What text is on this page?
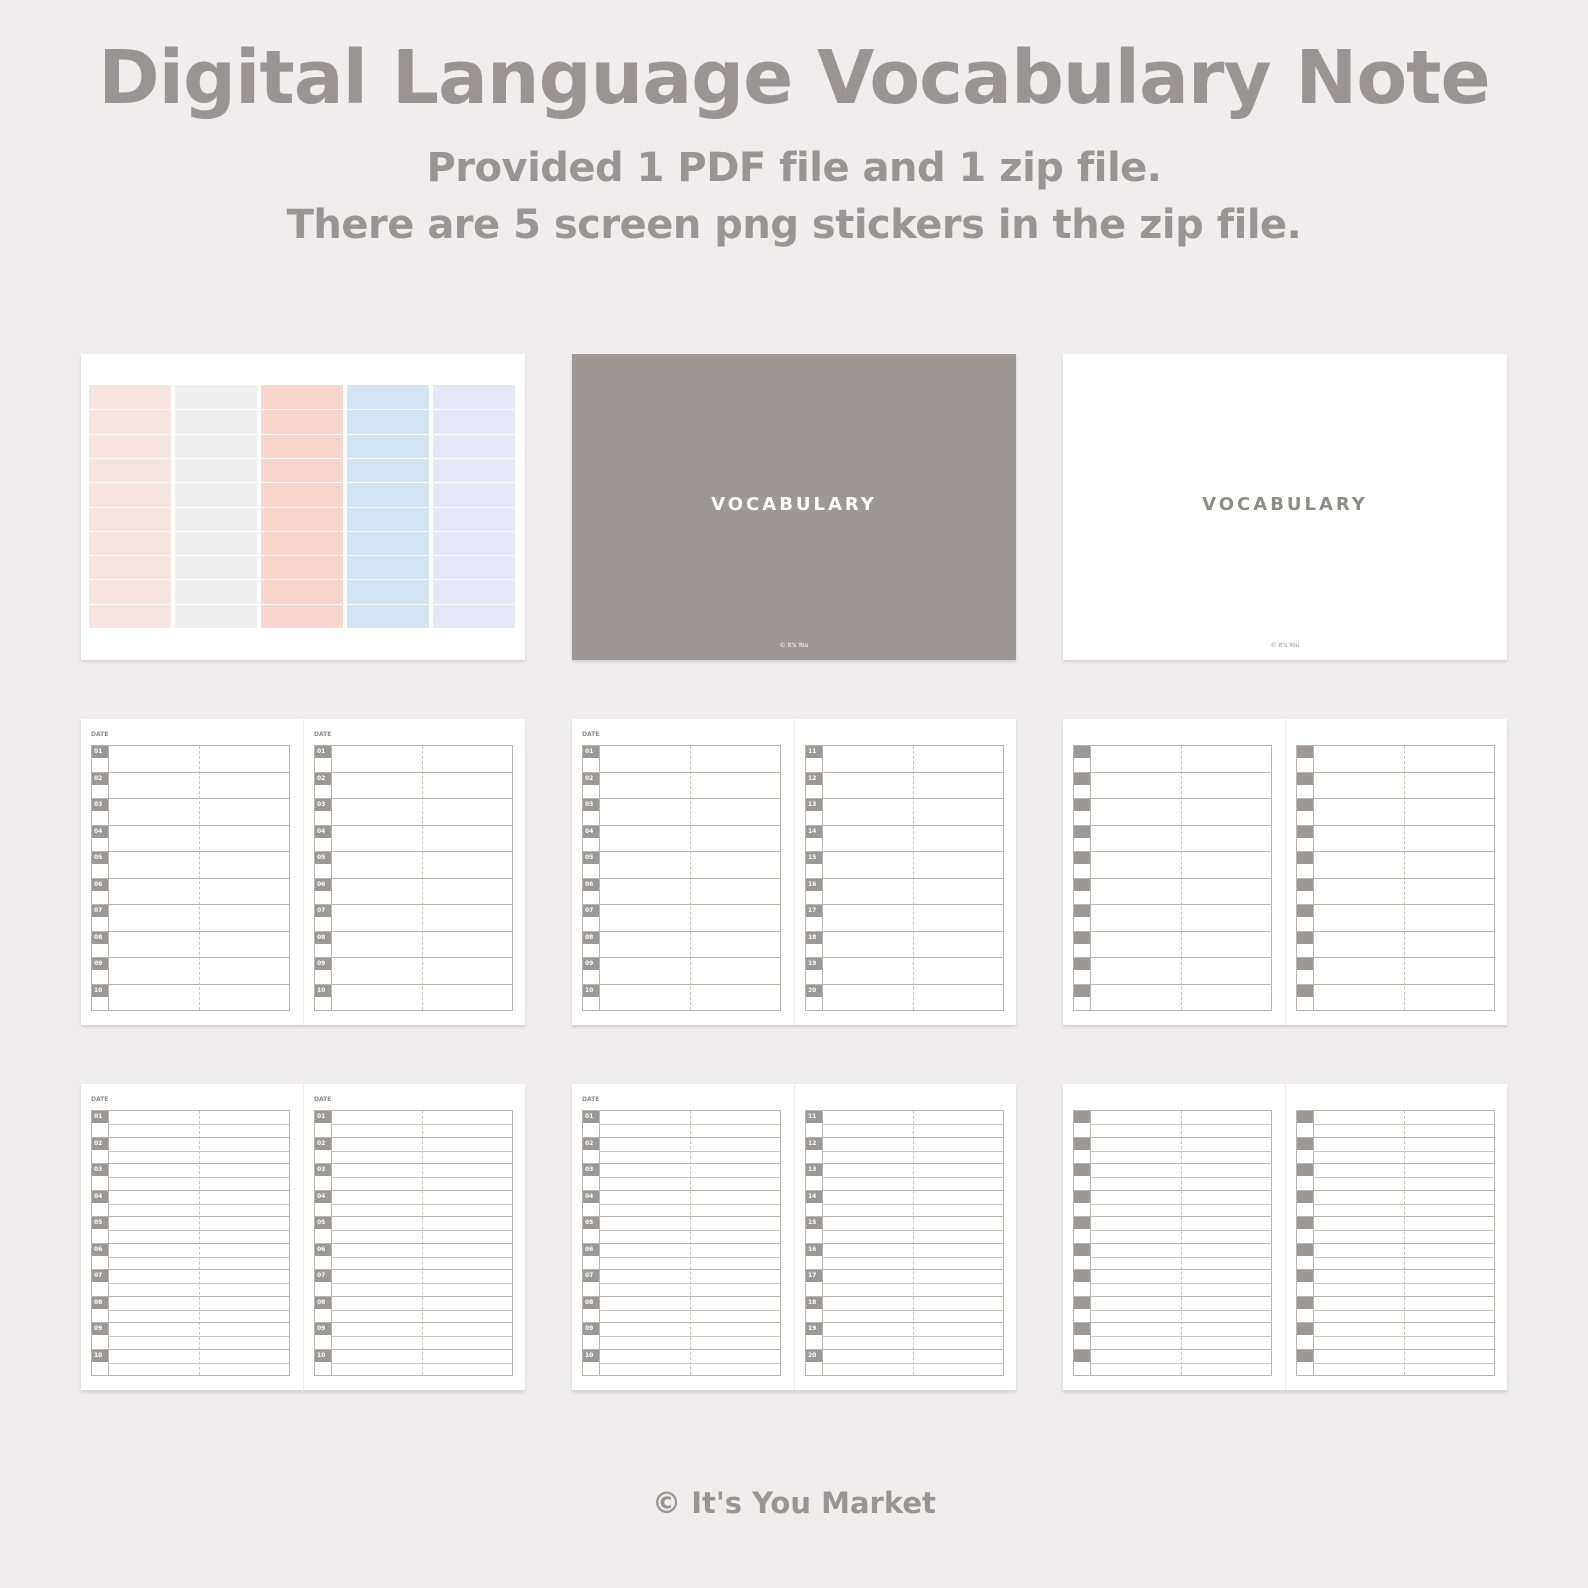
Digital Language Vocabulary Note
Provided 1 PDF file and 1 zip file.
There are 5 screen png stickers in the zip file.
VOCABULARY
© It's You
VOCABULARY
© It's You
DATE
01
02
03
04
05
06
07
08
09
10
DATE
01
02
03
04
05
06
07
08
09
10
DATE
01
02
03
04
05
06
07
08
09
10
11
12
13
14
15
16
17
18
19
20
DATE
01
02
03
04
05
06
07
08
09
10
DATE
01
02
03
04
05
06
07
08
09
10
DATE
01
02
03
04
05
06
07
08
09
10
11
12
13
14
15
16
17
18
19
20
© It's You Market
